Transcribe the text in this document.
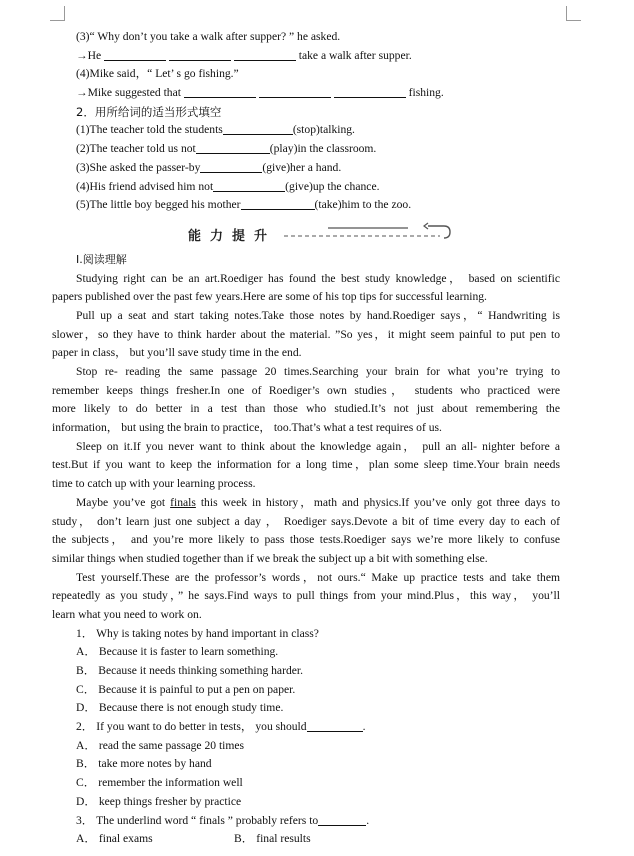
(3)“ Why don’t you take a walk after supper? ” he asked.
→He	take a walk after supper.
(4)Mike said，“ Let’ s go fishing.”
→Mike suggested that	fishing.
2．用所给词的适当形式填空
(1)The teacher told the students	(stop)talking.
(2)The teacher told us not	(play)in the classroom.
(3)She asked the passer-by	(give)her a hand.
(4)His friend advised him not	(give)up the chance.
(5)The little boy begged his mother	(take)him to the zoo.
能力提升
Ⅰ.阅读理解
Studying right can be an art.Roediger has found the best study knowledge， based on scientific
papers published over the past few years.Here are some of his top tips for successful learning.
Pull up a seat and start taking notes.Take those notes by hand.Roediger says，“ Handwriting is
slower，so they have to think harder about the material. ”So yes，it might seem painful to put pen to
paper in class， but you’ll save study time in the end.
Stop re- reading the same passage 20 times.Searching your brain for what you’re trying to
remember keeps things fresher.In one of Roediger’s own studies， students who practiced were
more likely to do better in a test than those who studied.It’s not just about remembering the
information， but using the brain to practice， too.That’s what a test requires of us.
Sleep on it.If you never want to think about the knowledge again， pull an all- nighter before a
test.But if you want to keep the information for a long time，plan some sleep time.Your brain needs
time to catch up with your learning process.
Maybe you’ve got finals this week in history，math and physics.If you’ve only got three days to
study， don’t learn just one subject a day ， Roediger says.Devote a bit of time every day to each of
the subjects， and you’re more likely to pass those tests.Roediger says we’re more likely to confuse
similar things when studied together than if we break the subject up a bit with something else.
Test yourself.These are the professor’s words，not ours.“ Make up practice tests and take them
repeatedly as you study，” he says.Find ways to pull things from your mind.Plus，this way， you’ll
learn what you need to work on.
1． Why is taking notes by hand important in class?
A． Because it is faster to learn something.
B． Because it needs thinking something harder.
C． Because it is painful to put a pen on paper.
D． Because there is not enough study time.
2． If you want to do better in tests， you should	.
A． read the same passage 20 times
B． take more notes by hand
C． remember the information well
D． keep things fresher by practice
3． The underlind word “ finals ” probably refers to	.
A． final exams	B． final results
